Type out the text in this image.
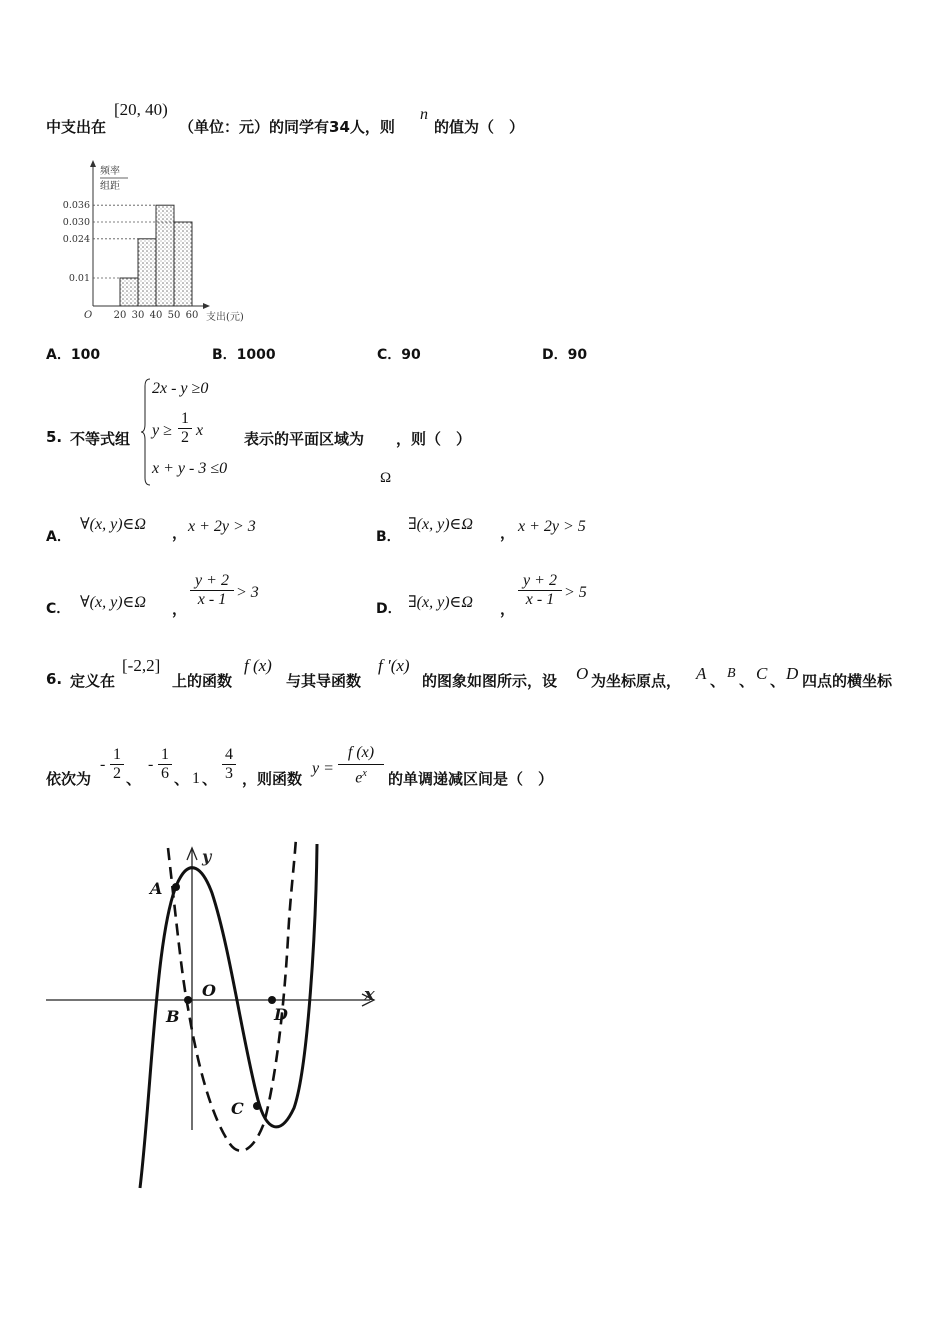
中支出在
[20, 40)
（单位：元）的同学有34人，则
n
的值为（　）
频率
组距
0.036
0.030
0.024
0.01
20 30 40 50 60
O	支出(元)
A．100	B．1000	C．90	D．90
5. 不等式组
2x - y ≥0
y ≥
1
2 x
x + y - 3 ≤0
表示的平面区域为 ，则（　）
Ω
A．
∀(x, y)∈Ω ， x + 2y > 3
B．
∃(x, y)∈Ω ， x + 2y > 5
C． ∀(x, y)∈Ω ，
y + 2
x - 1 > 3
D． ∃(x, y)∈Ω ，
y + 2
x - 1 > 5
6. 定义在
[-2,2]
上的函数
f (x)
与其导函数
f ′(x)
的图象如图所示，设 O 为坐标原点， A 、 B 、 C 、 D 四点的横坐标
依次为
-
1
2 、
-
1
6 、 1 、
4
3 ，则函数
y =
f (x)
$e^x$	的单调递减区间是（　）
x
y
A
B
O
C
D
